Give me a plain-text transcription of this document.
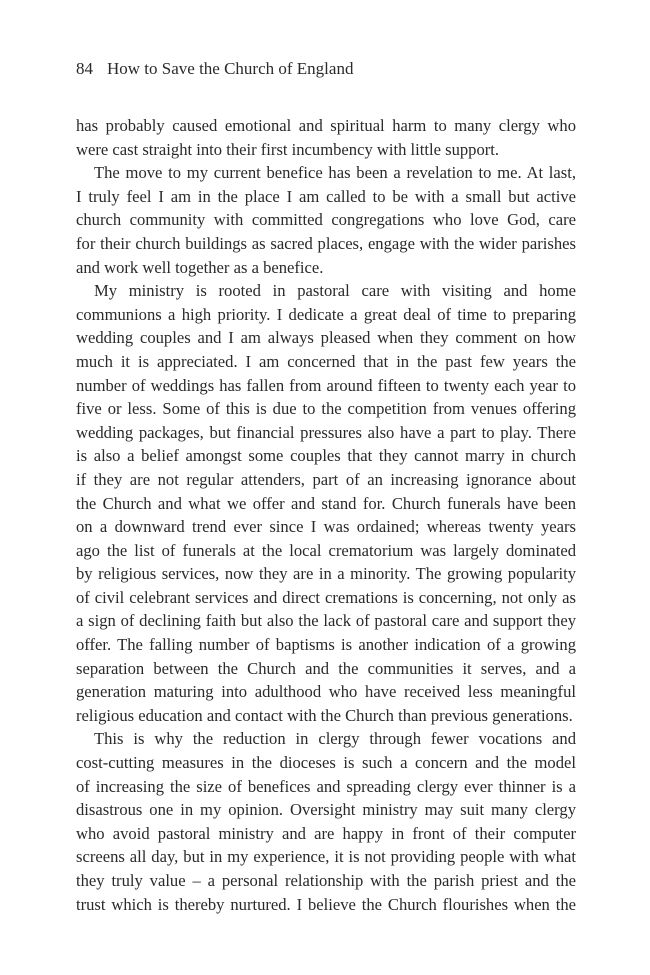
84 How to Save the Church of England
has probably caused emotional and spiritual harm to many clergy who
were cast straight into their first incumbency with little support.
The move to my current benefice has been a revelation to me. At last,
I truly feel I am in the place I am called to be with a small but active
church community with committed congregations who love God, care
for their church buildings as sacred places, engage with the wider parishes
and work well together as a benefice.
My ministry is rooted in pastoral care with visiting and home
communions a high priority. I dedicate a great deal of time to preparing
wedding couples and I am always pleased when they comment on how
much it is appreciated. I am concerned that in the past few years the
number of weddings has fallen from around fifteen to twenty each year to
five or less. Some of this is due to the competition from venues offering
wedding packages, but financial pressures also have a part to play. There
is also a belief amongst some couples that they cannot marry in church
if they are not regular attenders, part of an increasing ignorance about
the Church and what we offer and stand for. Church funerals have been
on a downward trend ever since I was ordained; whereas twenty years
ago the list of funerals at the local crematorium was largely dominated
by religious services, now they are in a minority. The growing popularity
of civil celebrant services and direct cremations is concerning, not only as
a sign of declining faith but also the lack of pastoral care and support they
offer. The falling number of baptisms is another indication of a growing
separation between the Church and the communities it serves, and a
generation maturing into adulthood who have received less meaningful
religious education and contact with the Church than previous generations.
This is why the reduction in clergy through fewer vocations and
cost-cutting measures in the dioceses is such a concern and the model
of increasing the size of benefices and spreading clergy ever thinner is a
disastrous one in my opinion. Oversight ministry may suit many clergy
who avoid pastoral ministry and are happy in front of their computer
screens all day, but in my experience, it is not providing people with what
they truly value – a personal relationship with the parish priest and the
trust which is thereby nurtured. I believe the Church flourishes when the
